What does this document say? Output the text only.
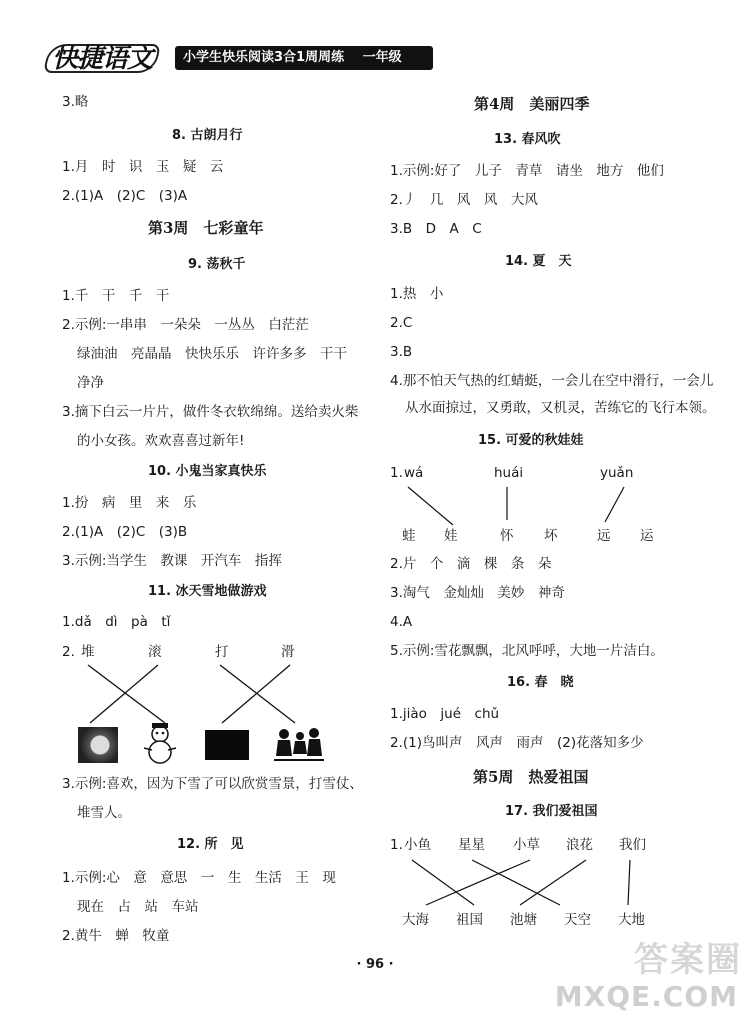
快捷语文	小学生快乐阅读3合1周周练 一年级
3.略
8. 古朗月行
1.月　时　识　玉　疑　云
2.(1)A　(2)C　(3)A
第3周　七彩童年
9. 荡秋千
1.千　干　千　干
2.示例:一串串　一朵朵　一丛丛　白茫茫
绿油油　亮晶晶　快快乐乐　许许多多　干干
净净
3.摘下白云一片片，做件冬衣软绵绵。送给卖火柴
的小女孩。欢欢喜喜过新年!
10. 小鬼当家真快乐
1.扮　病　里　来　乐
2.(1)A　(2)C　(3)B
3.示例:当学生　教课　开汽车　指挥
11. 冰天雪地做游戏
1.dǎ　dì　pà　tǐ
2. 堆	滚	打	滑
3.示例:喜欢，因为下雪了可以欣赏雪景，打雪仗、
堆雪人。
12. 所　见
1.示例:心　意　意思　一　生　生活　王　现
现在　占　站　车站
2.黄牛　蝉　牧童
第4周　美丽四季
13. 春风吹
1.示例:好了　儿子　青草　请坐　地方　他们
2.丿　几　风　风　大风
3.B　D　A　C
14. 夏　天
1.热　小
2.C
3.B
4.那不怕天气热的红蜻蜓，一会儿在空中滑行，一会儿
从水面掠过，又勇敢，又机灵，苦练它的飞行本领。
15. 可爱的秋娃娃
1. wá	huái	yuǎn
蛙 娃	怀 坏	远 运
2.片　个　滴　棵　条　朵
3.淘气　金灿灿　美妙　神奇
4.A
5.示例:雪花飘飘，北风呼呼，大地一片洁白。
16. 春　晓
1.jiào　jué　chǔ
2.(1)鸟叫声　风声　雨声　(2)花落知多少
第5周　热爱祖国
17. 我们爱祖国
1. 小鱼 星星 小草 浪花 我们
大海 祖国 池塘 天空 大地
· 96 ·	答案圈
MXQE.COM
